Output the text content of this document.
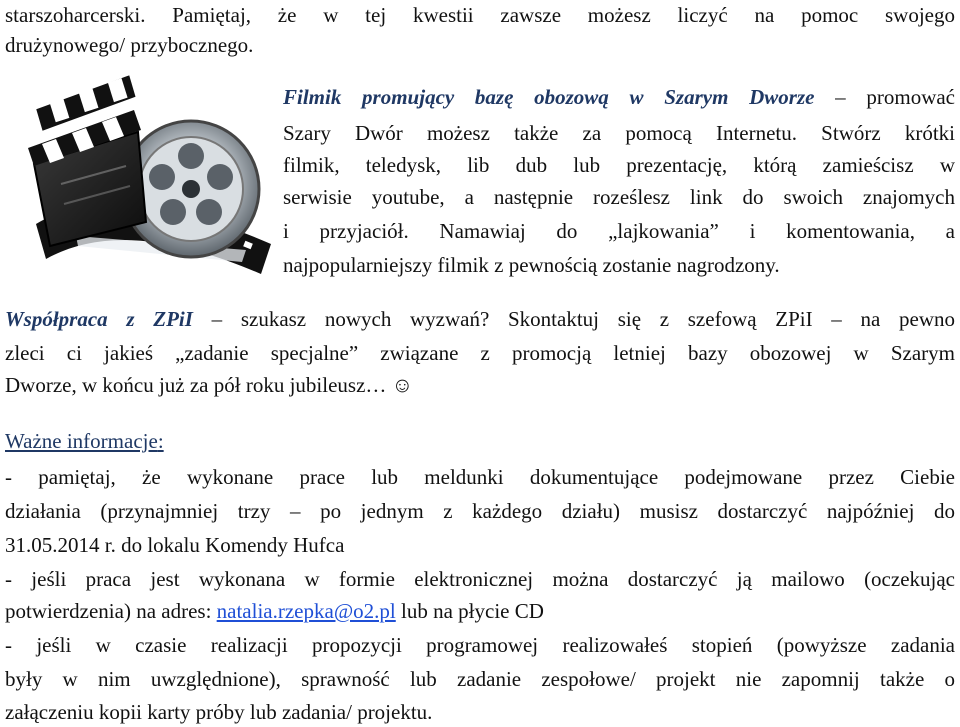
starszoharcerski. Pamiętaj, że w tej kwestii zawsze możesz liczyć na pomoc swojego
drużynowego/ przybocznego.
Filmik promujący bazę obozową w Szarym Dworze – promować
Szary Dwór możesz także za pomocą Internetu. Stwórz krótki
filmik, teledysk, lib dub lub prezentację, którą zamieścisz w
serwisie youtube, a następnie roześlesz link do swoich znajomych
i przyjaciół. Namawiaj do „lajkowania” i komentowania, a
najpopularniejszy filmik z pewnością zostanie nagrodzony.
Współpraca z ZPiI – szukasz nowych wyzwań? Skontaktuj się z szefową ZPiI – na pewno
zleci ci jakieś „zadanie specjalne” związane z promocją letniej bazy obozowej w Szarym
Dworze, w końcu już za pół roku jubileusz… ☺
Ważne informacje:
- pamiętaj, że wykonane prace lub meldunki dokumentujące podejmowane przez Ciebie
działania (przynajmniej trzy – po jednym z każdego działu) musisz dostarczyć najpóźniej do
31.05.2014 r. do lokalu Komendy Hufca
- jeśli praca jest wykonana w formie elektronicznej można dostarczyć ją mailowo (oczekując
potwierdzenia) na adres: natalia.rzepka@o2.pl lub na płycie CD
- jeśli w czasie realizacji propozycji programowej realizowałeś stopień (powyższe zadania
były w nim uwzględnione), sprawność lub zadanie zespołowe/ projekt nie zapomnij także o
załączeniu kopii karty próby lub zadania/ projektu.
